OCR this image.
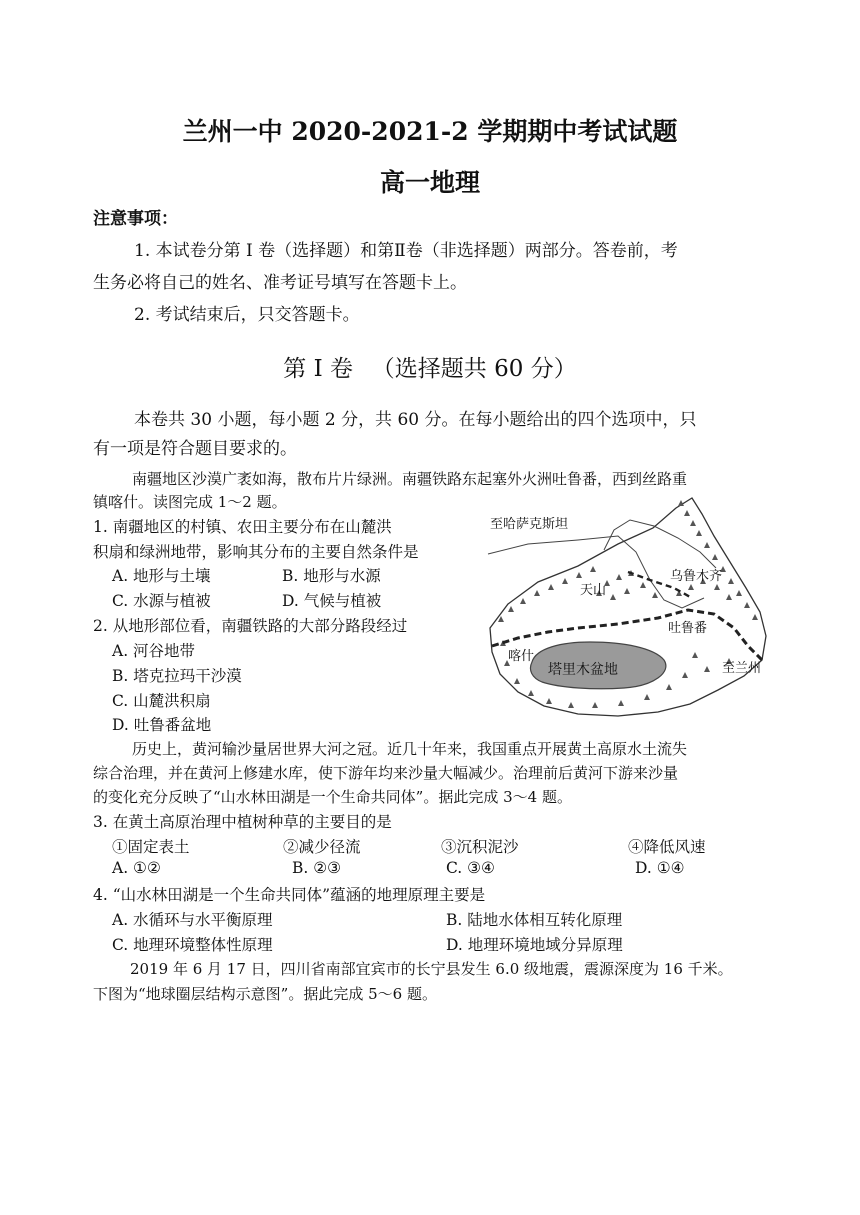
兰州一中 2020-2021-2 学期期中考试试题
高一地理
注意事项：
1. 本试卷分第 I 卷（选择题）和第Ⅱ卷（非选择题）两部分。答卷前，考
生务必将自己的姓名、准考证号填写在答题卡上。
2. 考试结束后，只交答题卡。
第 I 卷 　（选择题共 60 分）
本卷共 30 小题，每小题 2 分，共 60 分。在每小题给出的四个选项中，只
有一项是符合题目要求的。
南疆地区沙漠广袤如海，散布片片绿洲。南疆铁路东起塞外火洲吐鲁番，西到丝路重
镇喀什。读图完成 1～2 题。
1. 南疆地区的村镇、农田主要分布在山麓洪
积扇和绿洲地带，影响其分布的主要自然条件是
A. 地形与土壤	B. 地形与水源
C. 水源与植被	D. 气候与植被
2. 从地形部位看，南疆铁路的大部分路段经过
A. 河谷地带
B. 塔克拉玛干沙漠
C. 山麓洪积扇
D. 吐鲁番盆地
至哈萨克斯坦
天山
乌鲁木齐
吐鲁番
喀什
塔里木盆地	至兰州
历史上，黄河输沙量居世界大河之冠。近几十年来，我国重点开展黄土高原水土流失
综合治理，并在黄河上修建水库，使下游年均来沙量大幅减少。治理前后黄河下游来沙量
的变化充分反映了“山水林田湖是一个生命共同体”。据此完成 3～4 题。
3. 在黄土高原治理中植树种草的主要目的是
①固定表土	②减少径流	③沉积泥沙	④降低风速
A. ①②	B. ②③	C. ③④	D. ①④
4. “山水林田湖是一个生命共同体”蕴涵的地理原理主要是
A. 水循环与水平衡原理	B. 陆地水体相互转化原理
C. 地理环境整体性原理	D. 地理环境地域分异原理
2019 年 6 月 17 日，四川省南部宜宾市的长宁县发生 6.0 级地震，震源深度为 16 千米。
下图为“地球圈层结构示意图”。据此完成 5～6 题。
